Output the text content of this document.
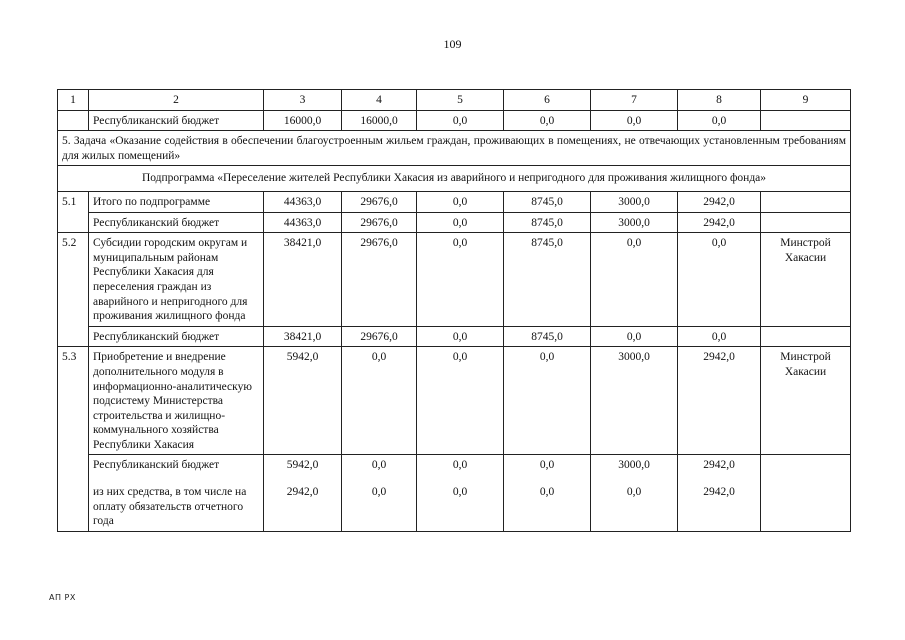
109
1	2	3	4	5	6	7	8	9
	Республиканский бюджет	16000,0	16000,0	0,0	0,0	0,0	0,0	
5. Задача «Оказание содействия в обеспечении благоустроенным жильем граждан, проживающих в помещениях, не отвечающих установленным требованиям для жилых помещений»								
Подпрограмма «Переселение жителей Республики Хакасия из аварийного и непригодного для проживания жилищного фонда»								
5.1	Итого по подпрограмме	44363,0	29676,0	0,0	8745,0	3000,0	2942,0	
	Республиканский бюджет	44363,0	29676,0	0,0	8745,0	3000,0	2942,0	
5.2	Субсидии городским округам и муниципальным районам Республики Хакасия для переселения граждан из аварийного и непригодного для проживания жилищного фонда	38421,0	29676,0	0,0	8745,0	0,0	0,0	Минстрой Хакасии
	Республиканский бюджет	38421,0	29676,0	0,0	8745,0	0,0	0,0	
5.3	Приобретение и внедрение дополнительного модуля в информационно-аналитическую подсистему Министерства строительства и жилищно-коммунального хозяйства Республики Хакасия	5942,0	0,0	0,0	0,0	3000,0	2942,0	Минстрой Хакасии
	Республиканский бюджет	5942,0	0,0	0,0	0,0	3000,0	2942,0	
	из них средства, в том числе на оплату обязательств отчетного года	2942,0	0,0	0,0	0,0	0,0	2942,0	
АП РХ
